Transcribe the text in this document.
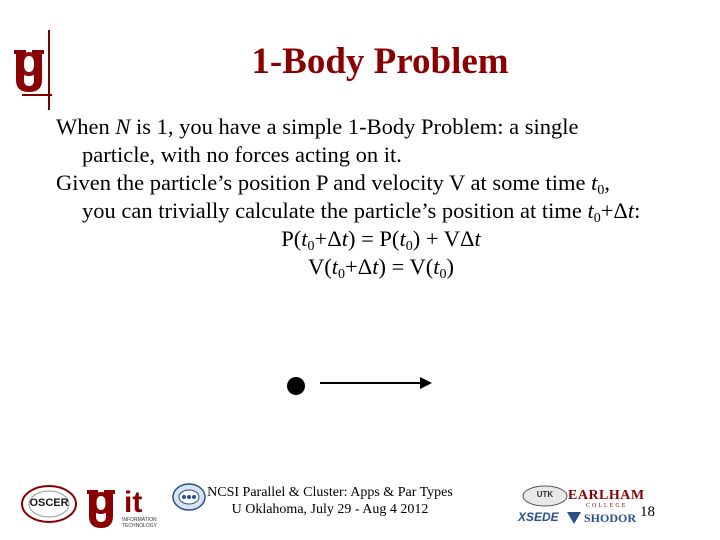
1-Body Problem

When N is 1, you have a simple 1-Body Problem: a single

particle, with no forces acting on it.

Given the particle’s position P and velocity V at some time $t_0$,

you can trivially calculate the particle’s position at time $t_0+\Delta t$:

$P(t_0+\Delta t) = P(t_0) + V\Delta t$

$V(t_0+\Delta t) = V(t_0)$

OSCER	it
INFORMATION TECHNOLOGY
NCSI Parallel & Cluster: Apps & Par Types
U Oklahoma, July 29 - Aug 4 2012
UTK	EARLHAM
COLLEGE
XSEDE SHODOR 18
